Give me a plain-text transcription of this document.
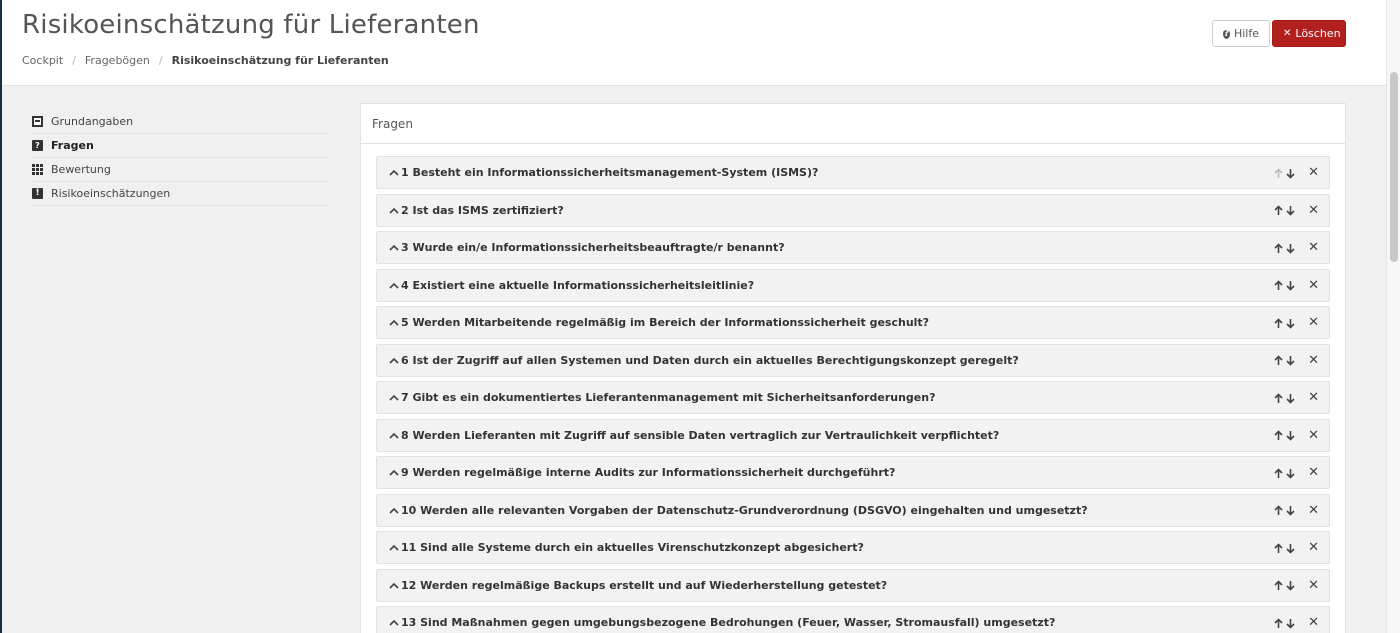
Risikoeinschätzung für Lieferanten
Cockpit / Fragebögen / Risikoeinschätzung für Lieferanten
? Hilfe ✕ Löschen
Grundangaben
? Fragen
Bewertung
!	Risikoeinschätzungen
Fragen
1 Besteht ein Informationssicherheitsmanagement-System (ISMS)?	✕
2 Ist das ISMS zertifiziert?	✕
3 Wurde ein/e Informationssicherheitsbeauftragte/r benannt?	✕
4 Existiert eine aktuelle Informationssicherheitsleitlinie?	✕
5 Werden Mitarbeitende regelmäßig im Bereich der Informationssicherheit geschult?	✕
6 Ist der Zugriff auf allen Systemen und Daten durch ein aktuelles Berechtigungskonzept geregelt?	✕
7 Gibt es ein dokumentiertes Lieferantenmanagement mit Sicherheitsanforderungen?	✕
8 Werden Lieferanten mit Zugriff auf sensible Daten vertraglich zur Vertraulichkeit verpflichtet?	✕
9 Werden regelmäßige interne Audits zur Informationssicherheit durchgeführt?	✕
10 Werden alle relevanten Vorgaben der Datenschutz-Grundverordnung (DSGVO) eingehalten und umgesetzt?	✕
11 Sind alle Systeme durch ein aktuelles Virenschutzkonzept abgesichert?	✕
12 Werden regelmäßige Backups erstellt und auf Wiederherstellung getestet?	✕
13 Sind Maßnahmen gegen umgebungsbezogene Bedrohungen (Feuer, Wasser, Stromausfall) umgesetzt?	✕
